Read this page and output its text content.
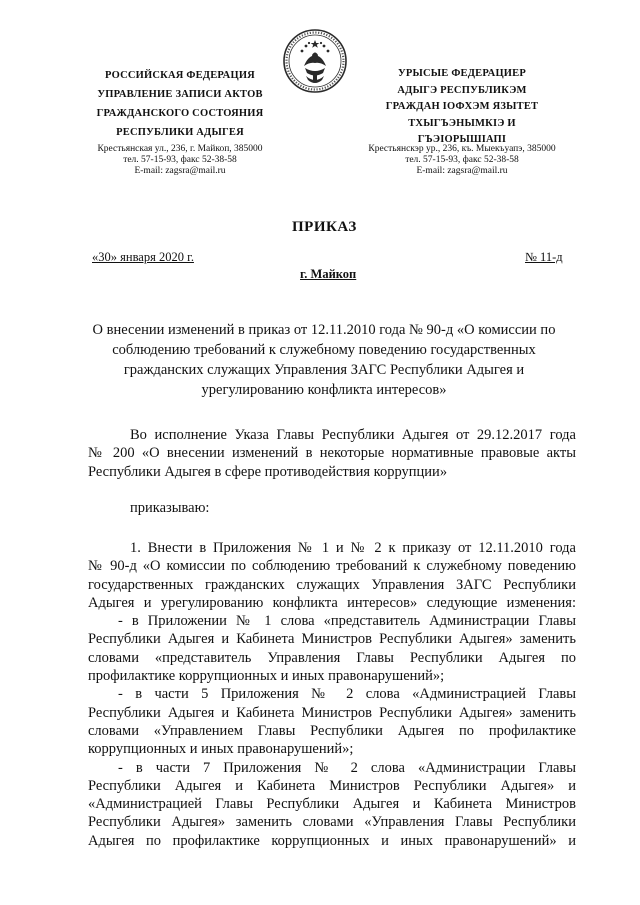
РОССИЙСКАЯ ФЕДЕРАЦИЯ
УПРАВЛЕНИЕ ЗАПИСИ АКТОВ
ГРАЖДАНСКОГО СОСТОЯНИЯ
РЕСПУБЛИКИ АДЫГЕЯ
Крестьянская ул., 236, г. Майкоп, 385000
тел. 57-15-93, факс 52-38-58
E-mail: zagsra@mail.ru
УРЫСЫЕ ФЕДЕРАЦИЕР
АДЫГЭ РЕСПУБЛИКЭМ
ГРАЖДАН ІОФХЭМ ЯЗЫТЕТ
ТХЫГЪЭНЫМКІЭ И
ГЪЭІОРЫШІАПІ
Крестьянскэр ур., 236, къ. Мыекъуапэ, 385000
тел. 57-15-93, факс 52-38-58
E-mail: zagsra@mail.ru
ПРИКАЗ
«30» января 2020 г.	№ 11-д
г. Майкоп
О внесении изменений в приказ от 12.11.2010 года № 90-д «О комиссии по
соблюдению требований к служебному поведению государственных
гражданских служащих Управления ЗАГС Республики Адыгея и
урегулированию конфликта интересов»
Во исполнение Указа Главы Республики Адыгея от 29.12.2017 года
№ 200 «О внесении изменений в некоторые нормативные правовые акты
Республики Адыгея в сфере противодействия коррупции»
приказываю:
1. Внести в Приложения № 1 и № 2 к приказу от 12.11.2010 года
№ 90-д «О комиссии по соблюдению требований к служебному поведению
государственных гражданских служащих Управления ЗАГС Республики
Адыгея и урегулированию конфликта интересов» следующие изменения:
- в Приложении № 1 слова «представитель Администрации Главы
Республики Адыгея и Кабинета Министров Республики Адыгея» заменить
словами «представитель Управления Главы Республики Адыгея по
профилактике коррупционных и иных правонарушений»;
- в части 5 Приложения № 2 слова «Администрацией Главы
Республики Адыгея и Кабинета Министров Республики Адыгея» заменить
словами «Управлением Главы Республики Адыгея по профилактике
коррупционных и иных правонарушений»;
- в части 7 Приложения № 2 слова «Администрации Главы
Республики Адыгея и Кабинета Министров Республики Адыгея» и
«Администрацией Главы Республики Адыгея и Кабинета Министров
Республики Адыгея» заменить словами «Управления Главы Республики
Адыгея по профилактике коррупционных и иных правонарушений» и
